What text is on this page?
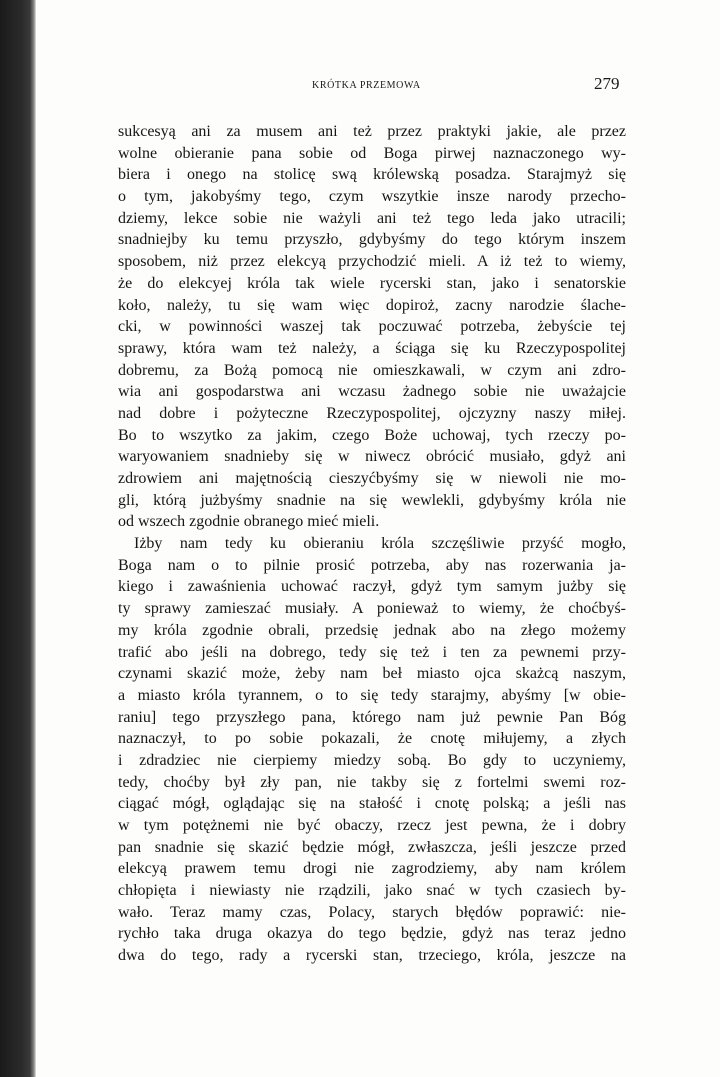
KRÓTKA PRZEMOWA	279
sukcesyą ani za musem ani też przez praktyki jakie, ale przez
wolne obieranie pana sobie od Boga pirwej naznaczonego wy-
biera i onego na stolicę swą królewską posadza. Starajmyż się
o tym, jakobyśmy tego, czym wszytkie insze narody przecho-
dziemy, lekce sobie nie ważyli ani też tego leda jako utracili;
snadniejby ku temu przyszło, gdybyśmy do tego którym inszem
sposobem, niż przez elekcyą przychodzić mieli. A iż też to wiemy,
że do elekcyej króla tak wiele rycerski stan, jako i senatorskie
koło, należy, tu się wam więc dopiroż, zacny narodzie ślache-
cki, w powinności waszej tak poczuwać potrzeba, żebyście tej
sprawy, która wam też należy, a ściąga się ku Rzeczypospolitej
dobremu, za Bożą pomocą nie omieszkawali, w czym ani zdro-
wia ani gospodarstwa ani wczasu żadnego sobie nie uważajcie
nad dobre i pożyteczne Rzeczypospolitej, ojczyzny naszy miłej.
Bo to wszytko za jakim, czego Boże uchowaj, tych rzeczy po-
waryowaniem snadnieby się w niwecz obrócić musiało, gdyż ani
zdrowiem ani majętnością cieszyćbyśmy się w niewoli nie mo-
gli, którą jużbyśmy snadnie na się wewlekli, gdybyśmy króla nie
od wszech zgodnie obranego mieć mieli.
Iżby nam tedy ku obieraniu króla szczęśliwie przyść mogło,
Boga nam o to pilnie prosić potrzeba, aby nas rozerwania ja-
kiego i zawaśnienia uchować raczył, gdyż tym samym jużby się
ty sprawy zamieszać musiały. A ponieważ to wiemy, że choćbyś-
my króla zgodnie obrali, przedsię jednak abo na złego możemy
trafić abo jeśli na dobrego, tedy się też i ten za pewnemi przy-
czynami skazić może, żeby nam beł miasto ojca skażcą naszym,
a miasto króla tyrannem, o to się tedy starajmy, abyśmy [w obie-
raniu] tego przyszłego pana, którego nam już pewnie Pan Bóg
naznaczył, to po sobie pokazali, że cnotę miłujemy, a złych
i zdradziec nie cierpiemy miedzy sobą. Bo gdy to uczyniemy,
tedy, choćby był zły pan, nie takby się z fortelmi swemi roz-
ciągać mógł, oglądając się na stałość i cnotę polską; a jeśli nas
w tym potężnemi nie być obaczy, rzecz jest pewna, że i dobry
pan snadnie się skazić będzie mógł, zwłaszcza, jeśli jeszcze przed
elekcyą prawem temu drogi nie zagrodziemy, aby nam królem
chłopięta i niewiasty nie rządzili, jako snać w tych czasiech by-
wało. Teraz mamy czas, Polacy, starych błędów poprawić: nie-
rychło taka druga okazya do tego będzie, gdyż nas teraz jedno
dwa do tego, rady a rycerski stan, trzeciego, króla, jeszcze na
